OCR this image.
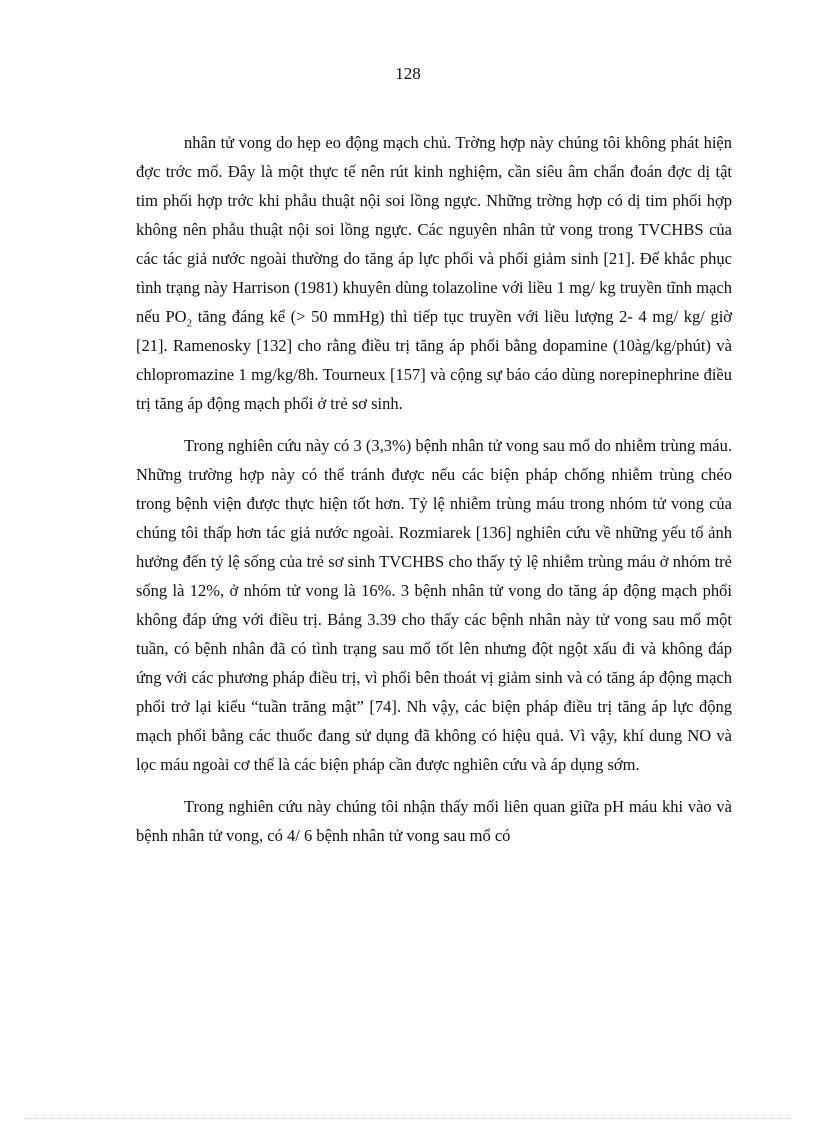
128

nhân tử vong do hẹp eo động mạch chủ. Trờng hợp này chúng tôi không phát hiện đợc trớc mổ. Đây là một thực tế nên rút kinh nghiệm, cần siêu âm chẩn đoán đợc dị tật tim phối hợp trớc khi phẫu thuật nội soi lồng ngực. Những trờng hợp có dị tim phối hợp không nên phẫu thuật nội soi lồng ngực. Các nguyên nhân tử vong trong TVCHBS của các tác giả nước ngoài thường do tăng áp lực phổi và phổi giảm sinh [21]. Để khắc phục tình trạng này Harrison (1981) khuyên dùng tolazoline với liều 1 mg/ kg truyền tĩnh mạch nếu $PO_2$ tăng đáng kể (> 50 mmHg) thì tiếp tục truyền với liều lượng 2- 4 mg/ kg/ giờ [21]. Ramenosky [132] cho rằng điều trị tăng áp phổi bằng dopamine (10àg/kg/phút) và chlopromazine 1 mg/kg/8h. Tourneux [157] và cộng sự báo cáo dùng norepinephrine điều trị tăng áp động mạch phổi ở trẻ sơ sinh.

Trong nghiên cứu này có 3 (3,3%) bệnh nhân tử vong sau mổ do nhiễm trùng máu. Những trường hợp này có thể tránh được nếu các biện pháp chống nhiễm trùng chéo trong bệnh viện được thực hiện tốt hơn. Tỷ lệ nhiễm trùng máu trong nhóm tử vong của chúng tôi thấp hơn tác giả nước ngoài. Rozmiarek [136] nghiên cứu về những yếu tố ảnh hưởng đến tỷ lệ sống của trẻ sơ sinh TVCHBS cho thấy tỷ lệ nhiễm trùng máu ở nhóm trẻ sống là 12%, ở nhóm tử vong là 16%. 3 bệnh nhân tử vong do tăng áp động mạch phổi không đáp ứng với điều trị. Bảng 3.39 cho thấy các bệnh nhân này tử vong sau mổ một tuần, có bệnh nhân đã có tình trạng sau mổ tốt lên nhưng đột ngột xấu đi và không đáp ứng với các phương pháp điều trị, vì phổi bên thoát vị giảm sinh và có tăng áp động mạch phổi trở lại kiểu “tuần trăng mật” [74]. Nh vậy, các biện pháp điều trị tăng áp lực động mạch phổi bằng các thuốc đang sử dụng đã không có hiệu quả. Vì vậy, khí dung NO và lọc máu ngoài cơ thể là các biện pháp cần được nghiên cứu và áp dụng sớm.

Trong nghiên cứu này chúng tôi nhận thấy mối liên quan giữa pH máu khi vào và bệnh nhân tử vong, có 4/ 6 bệnh nhân tử vong sau mổ có
